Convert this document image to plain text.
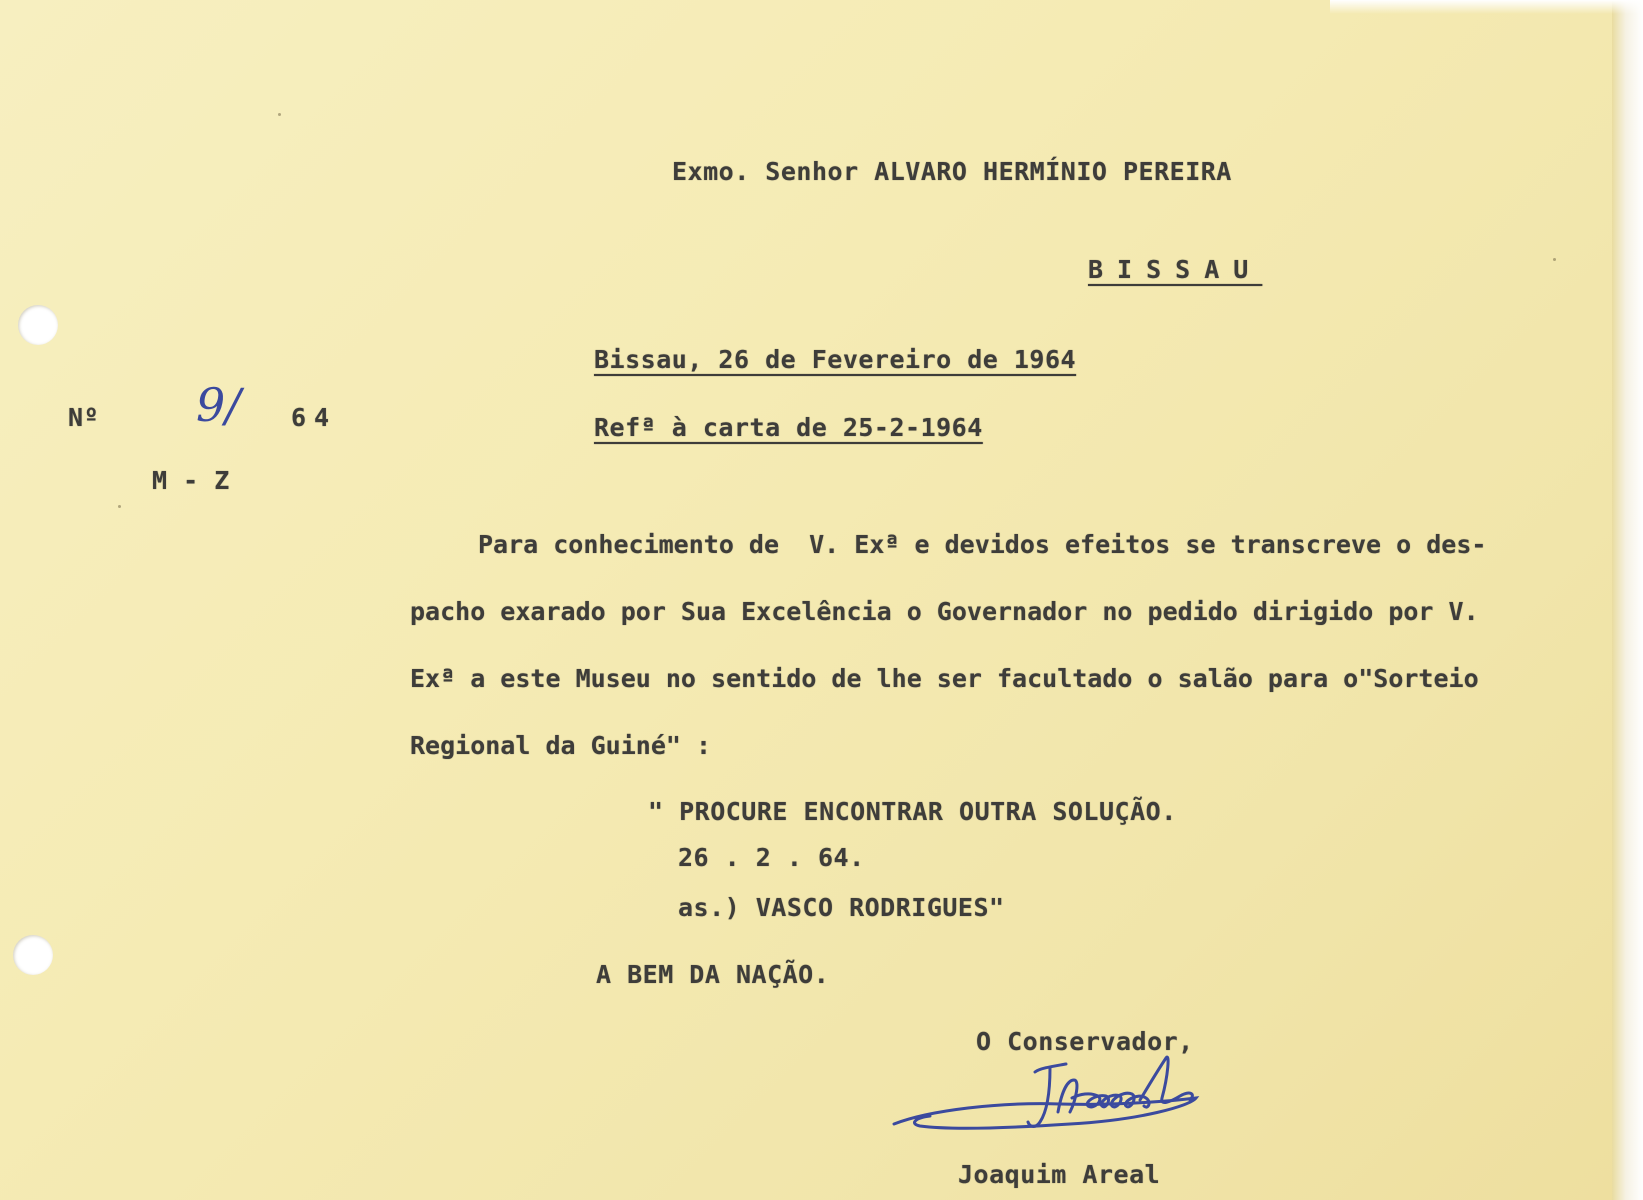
Exmo. Senhor ALVARO HERMÍNIO PEREIRA
BISSAU
Bissau, 26 de Fevereiro de 1964
Refª à carta de 25-2-1964
Nº 9/ 64
M - Z
Para conhecimento de  V. Exª e devidos efeitos se transcreve o des-
pacho exarado por Sua Excelência o Governador no pedido dirigido por V.
Exª a este Museu no sentido de lhe ser facultado o salão para o"Sorteio
Regional da Guiné" :
" PROCURE ENCONTRAR OUTRA SOLUÇÃO.
26 . 2 . 64.
as.) VASCO RODRIGUES"
A BEM DA NAÇÃO.
O Conservador,
Joaquim Areal
